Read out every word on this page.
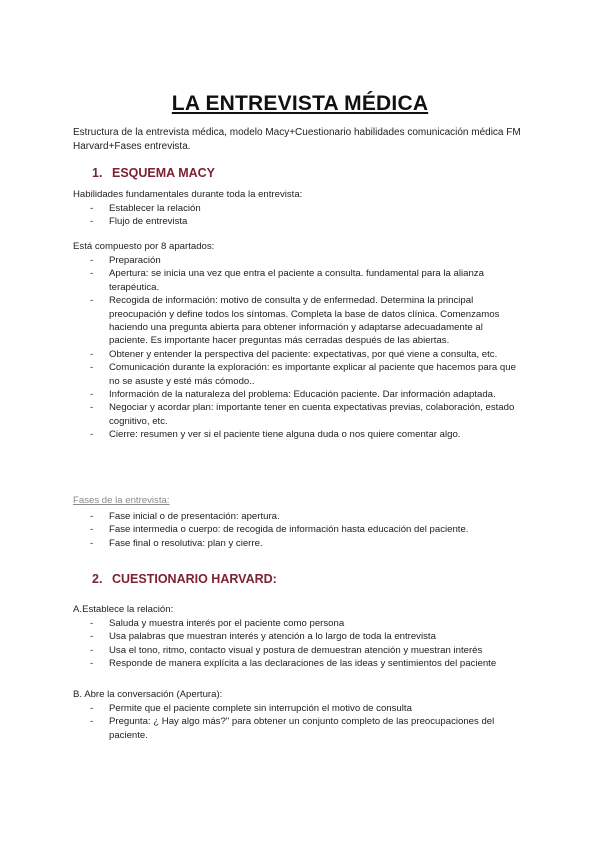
LA ENTREVISTA MÉDICA
Estructura de la entrevista médica, modelo Macy+Cuestionario habilidades comunicación médica FM Harvard+Fases entrevista.
1. ESQUEMA MACY
Habilidades fundamentales durante toda la entrevista:
- Establecer la relación
- Flujo de entrevista
Está compuesto por 8 apartados:
- Preparación
- Apertura: se inicia una vez que entra el paciente a consulta. fundamental para la alianza terapéutica.
- Recogida de información: motivo de consulta y de enfermedad. Determina la principal preocupación y define todos los síntomas. Completa la base de datos clínica. Comenzamos haciendo una pregunta abierta para obtener información y adaptarse adecuadamente al paciente. Es importante hacer preguntas más cerradas después de las abiertas.
- Obtener y entender la perspectiva del paciente: expectativas, por qué viene a consulta, etc.
- Comunicación durante la exploración: es importante explicar al paciente que hacemos para que no se asuste y esté más cómodo..
- Información de la naturaleza del problema: Educación paciente. Dar información adaptada.
- Negociar y acordar plan: importante tener en cuenta expectativas previas, colaboración, estado cognitivo, etc.
- Cierre: resumen y ver si el paciente tiene alguna duda o nos quiere comentar algo.
Fases de la entrevista:
- Fase inicial o de presentación: apertura.
- Fase intermedia o cuerpo: de recogida de información hasta educación del paciente.
- Fase final o resolutiva: plan y cierre.
2. CUESTIONARIO HARVARD:
A.Establece la relación:
- Saluda y muestra interés por el paciente como persona
- Usa palabras que muestran interés y atención a lo largo de toda la entrevista
- Usa el tono, ritmo, contacto visual y postura de demuestran atención y muestran interés
- Responde de manera explícita a las declaraciones de las ideas y sentimientos del paciente
B. Abre la conversación (Apertura):
- Permite que el paciente complete sin interrupción el motivo de consulta
- Pregunta: ¿ Hay algo más?" para obtener un conjunto completo de las preocupaciones del paciente.
